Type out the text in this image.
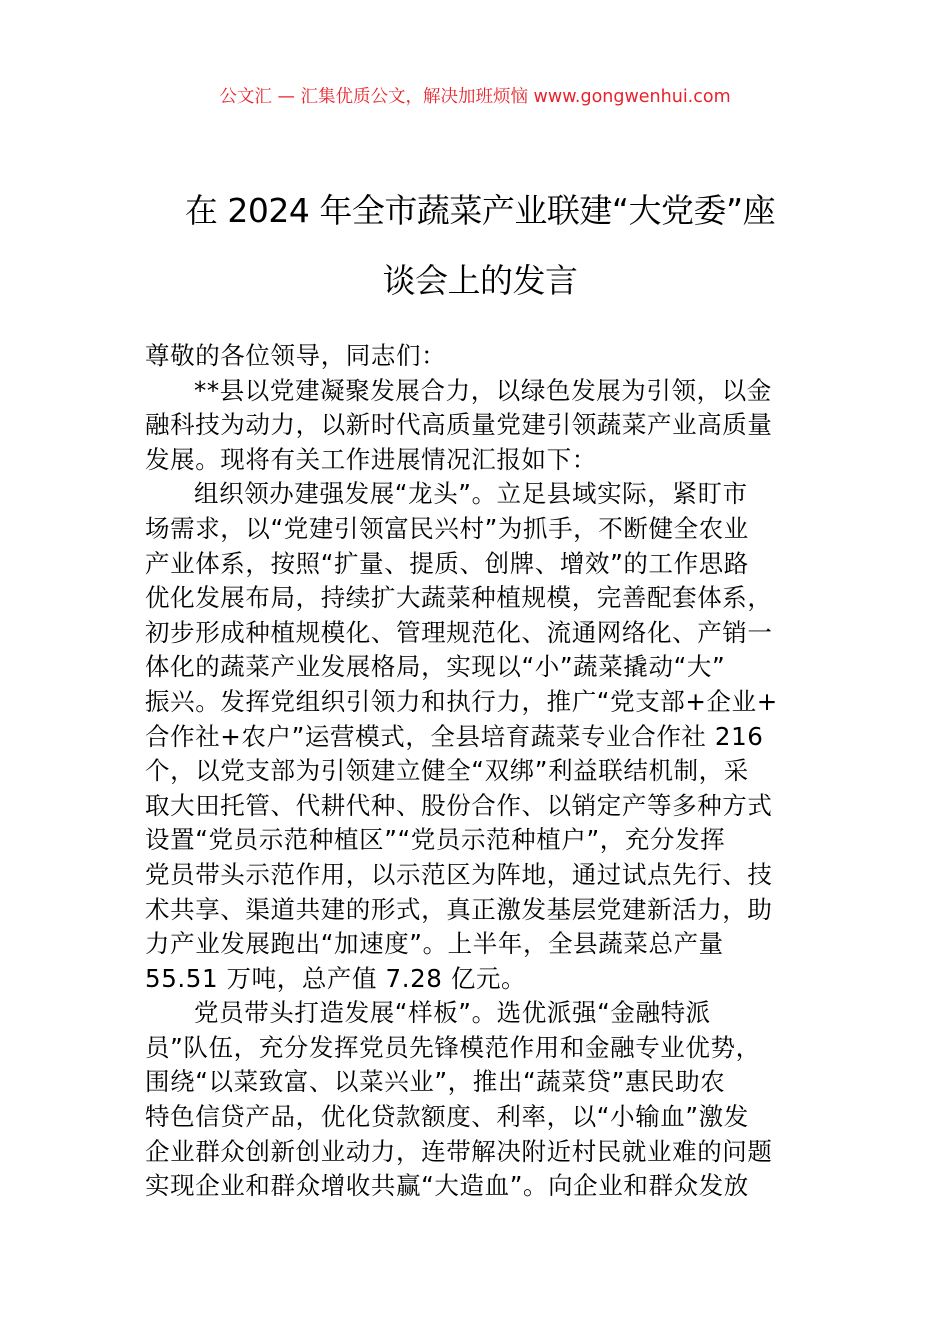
公文汇 — 汇集优质公文，解决加班烦恼 www.gongwenhui.com
在 2024 年全市蔬菜产业联建“大党委”座
谈会上的发言
尊敬的各位领导，同志们：
**县以党建凝聚发展合力，以绿色发展为引领，以金
融科技为动力，以新时代高质量党建引领蔬菜产业高质量
发展。现将有关工作进展情况汇报如下：
组织领办建强发展“龙头”。立足县域实际，紧盯市
场需求，以“党建引领富民兴村”为抓手，不断健全农业
产业体系，按照“扩量、提质、创牌、增效”的工作思路
优化发展布局，持续扩大蔬菜种植规模，完善配套体系，
初步形成种植规模化、管理规范化、流通网络化、产销一
体化的蔬菜产业发展格局，实现以“小”蔬菜撬动“大”
振兴。发挥党组织引领力和执行力，推广“党支部+企业+
合作社+农户”运营模式，全县培育蔬菜专业合作社 216
个，以党支部为引领建立健全“双绑”利益联结机制，采
取大田托管、代耕代种、股份合作、以销定产等多种方式
设置“党员示范种植区”“党员示范种植户”，充分发挥
党员带头示范作用，以示范区为阵地，通过试点先行、技
术共享、渠道共建的形式，真正激发基层党建新活力，助
力产业发展跑出“加速度”。上半年，全县蔬菜总产量
55.51 万吨，总产值 7.28 亿元。
党员带头打造发展“样板”。选优派强“金融特派
员”队伍，充分发挥党员先锋模范作用和金融专业优势，
围绕“以菜致富、以菜兴业”，推出“蔬菜贷”惠民助农
特色信贷产品，优化贷款额度、利率，以“小输血”激发
企业群众创新创业动力，连带解决附近村民就业难的问题
实现企业和群众增收共赢“大造血”。向企业和群众发放
